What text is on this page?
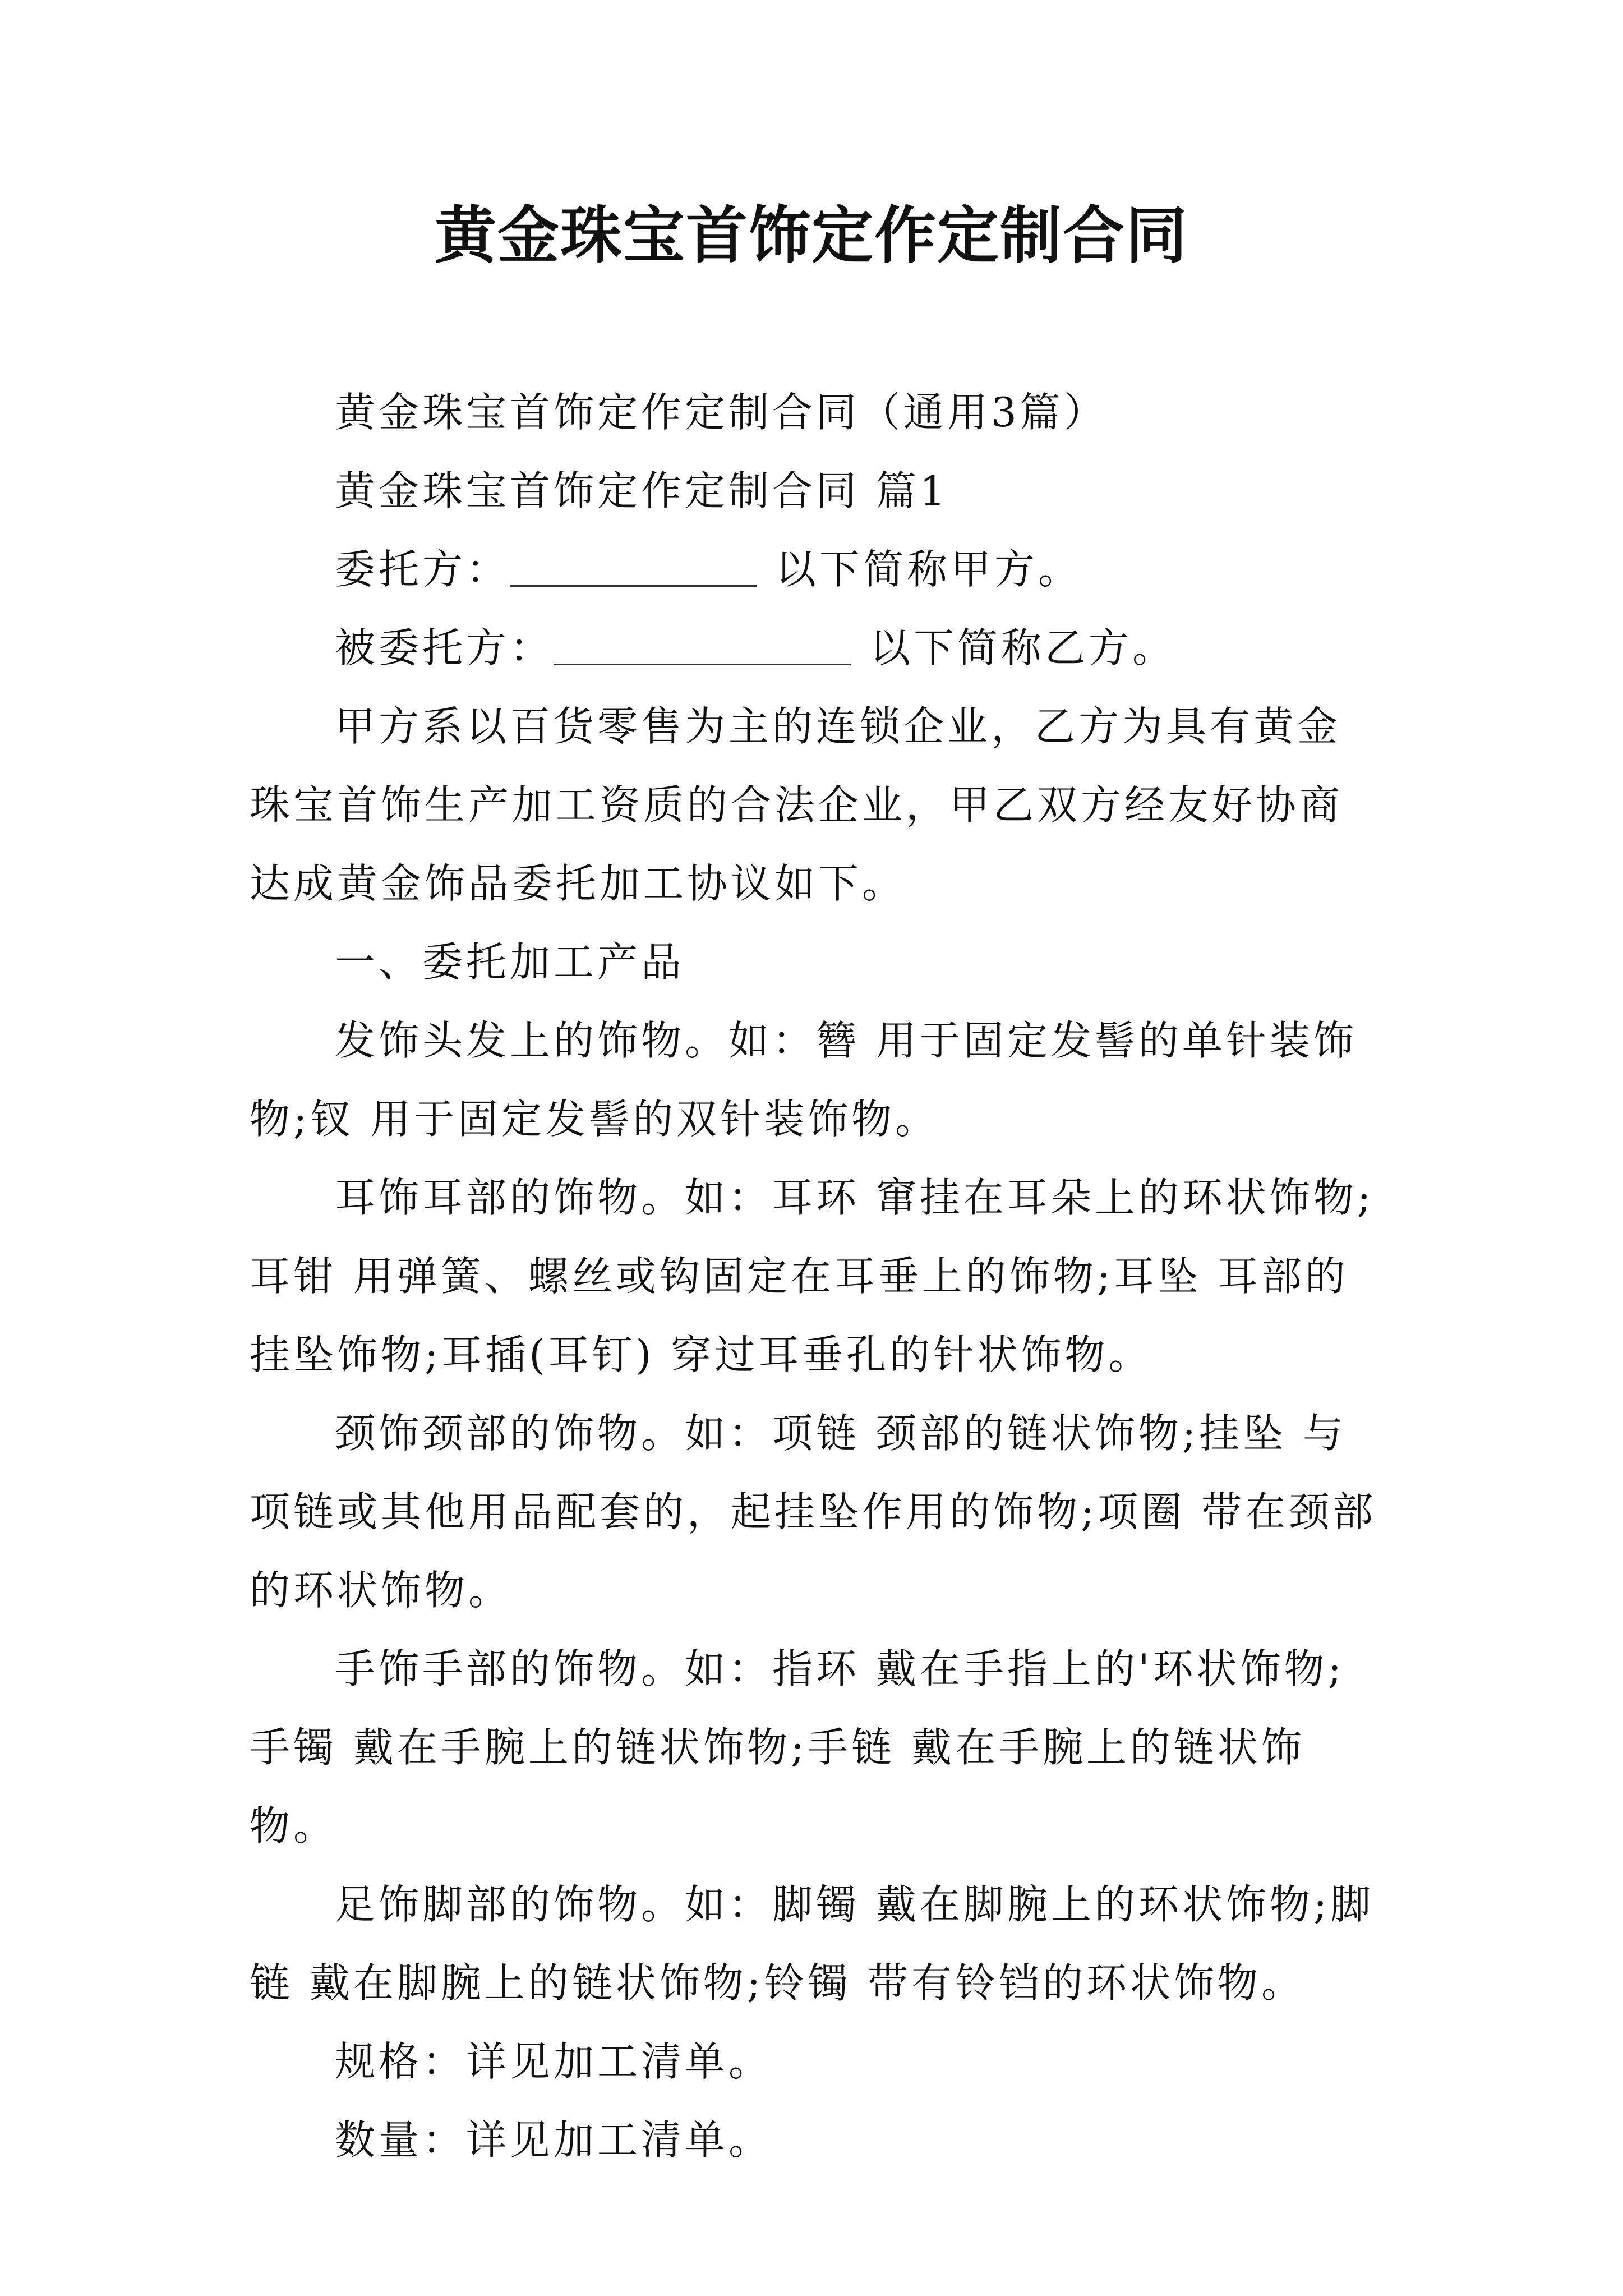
黄金珠宝首饰定作定制合同

黄金珠宝首饰定作定制合同（通用3篇）

黄金珠宝首饰定作定制合同 篇1

委托方：	以下简称甲方。

被委托方：	以下简称乙方。

甲方系以百货零售为主的连锁企业，乙方为具有黄金珠宝首饰生产加工资质的合法企业，甲乙双方经友好协商达成黄金饰品委托加工协议如下。

一、委托加工产品

发饰头发上的饰物。如：簪 用于固定发髻的单针装饰物;钗 用于固定发髻的双针装饰物。

耳饰耳部的饰物。如：耳环 窜挂在耳朵上的环状饰物;耳钳 用弹簧、螺丝或钩固定在耳垂上的饰物;耳坠 耳部的挂坠饰物;耳插(耳钉) 穿过耳垂孔的针状饰物。

颈饰颈部的饰物。如：项链 颈部的链状饰物;挂坠 与项链或其他用品配套的，起挂坠作用的饰物;项圈 带在颈部的环状饰物。

手饰手部的饰物。如：指环 戴在手指上的'环状饰物;手镯 戴在手腕上的链状饰物;手链 戴在手腕上的链状饰物。

足饰脚部的饰物。如：脚镯 戴在脚腕上的环状饰物;脚链 戴在脚腕上的链状饰物;铃镯 带有铃铛的环状饰物。

规格：详见加工清单。

数量：详见加工清单。
